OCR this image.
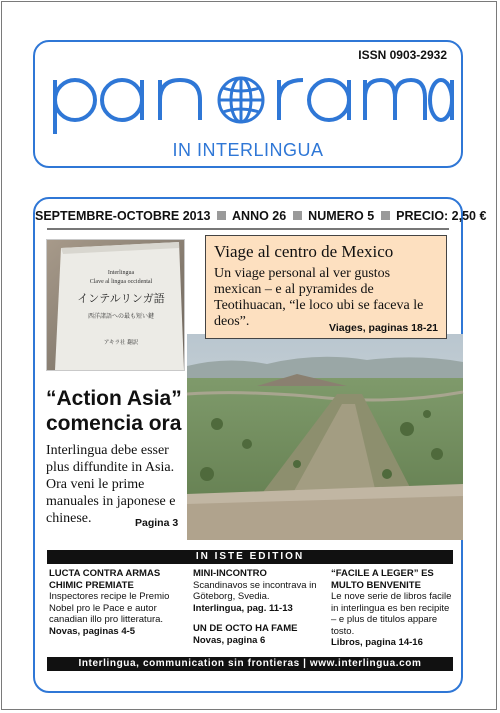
ISSN 0903-2932
IN INTERLINGUA
SEPTEMBRE-OCTOBRE 2013 ANNO 26 NUMERO 5 PRECIO: 2,50 €
Interlingua
Clave al lingua occidental
インテルリンガ語
西洋諸語への最も短い鍵
アキラ社 翻訳
Viage al centro de Mexico

Un viage personal al ver gustos mexican – e al pyramides de Teotihuacan, “le loco ubi se faceva le deos”.	Viages, paginas 18-21
“Action Asia” comencia ora

Interlingua debe esser plus diffundite in Asia. Ora veni le prime manuales in japonese e chinese.	Pagina 3
IN ISTE EDITION
LUCTA CONTRA ARMAS CHIMIC PREMIATE
Inspectores recipe le Premio Nobel pro le Pace e autor canadian illo pro litteratura.
Novas, paginas 4-5
MINI-INCONTRO
Scandinavos se incontrava in Göteborg, Svedia.
Interlingua, pag. 11-13
UN DE OCTO HA FAME
Novas, pagina 6
“FACILE A LEGER” ES MULTO BENVENITE
Le nove serie de libros facile in interlingua es ben recipite – e plus de titulos appare tosto.
Libros, pagina 14-16
Interlingua, communication sin frontieras | www.interlingua.com
